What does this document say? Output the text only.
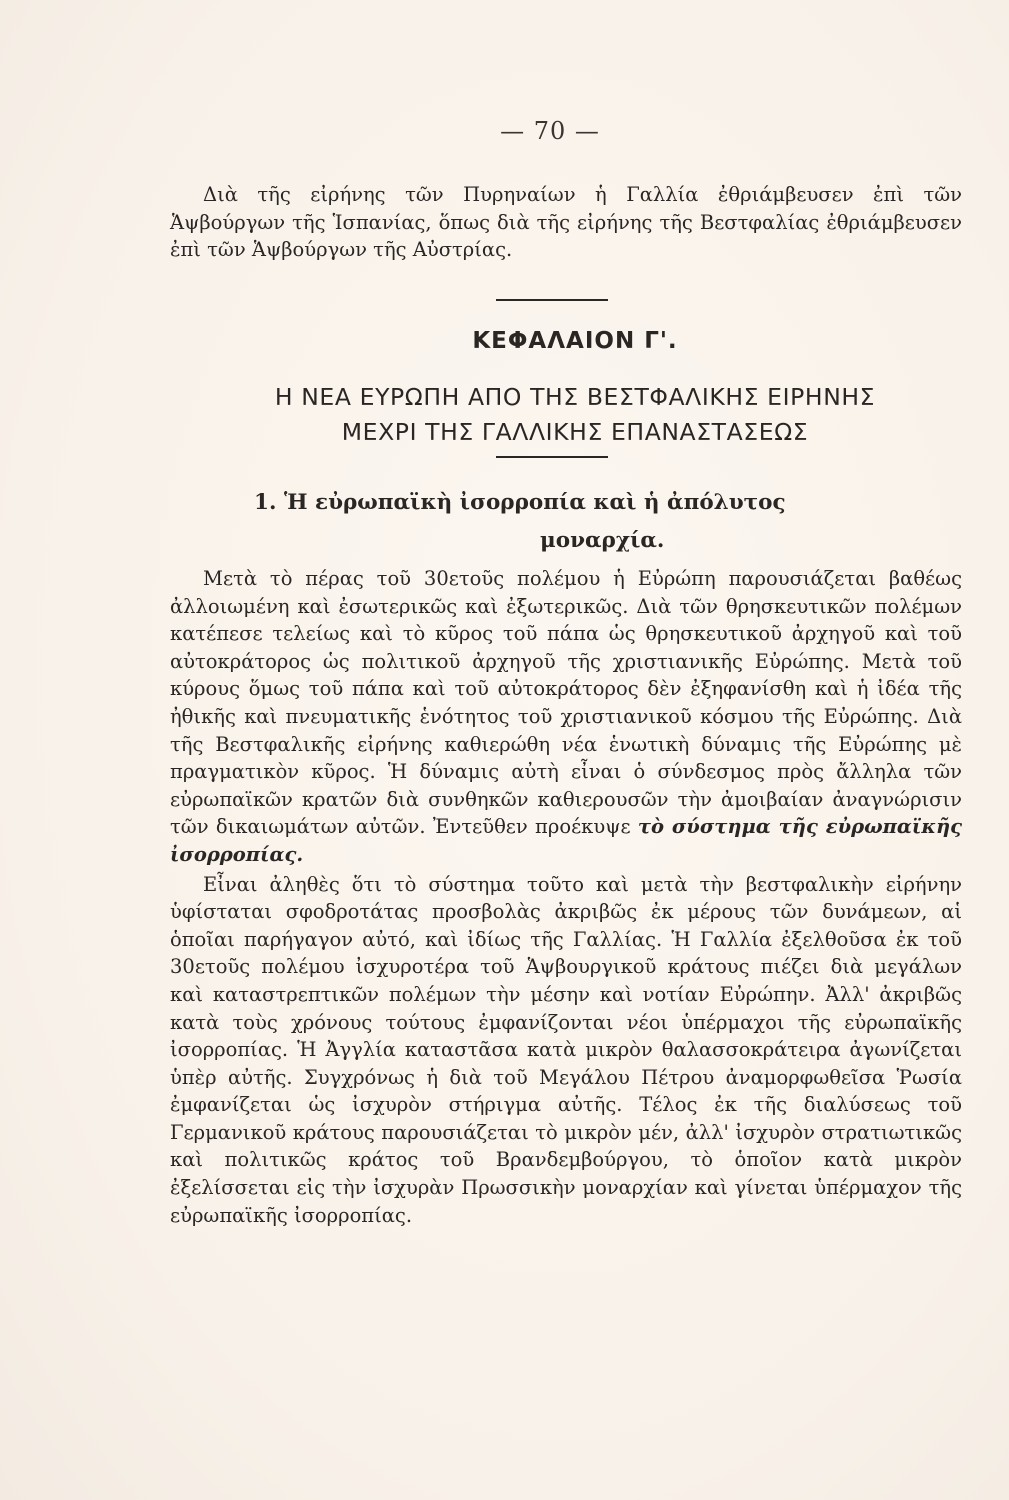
— 70 —
Διὰ τῆς εἰρήνης τῶν Πυρηναίων ἡ Γαλλία ἐθριάμβευσεν ἐπὶ τῶν Ἁψβούργων τῆς Ἱσπανίας, ὅπως διὰ τῆς εἰρήνης τῆς Βεστφαλίας ἐθριάμβευσεν ἐπὶ τῶν Ἁψβούργων τῆς Αὐστρίας.
ΚΕΦΑΛΑΙΟΝ Γ'.
Η ΝΕΑ ΕΥΡΩΠΗ ΑΠΟ ΤΗΣ ΒΕΣΤΦΑΛΙΚΗΣ ΕΙΡΗΝΗΣ
ΜΕΧΡΙ ΤΗΣ ΓΑΛΛΙΚΗΣ ΕΠΑΝΑΣΤΑΣΕΩΣ
1. Ἡ εὐρωπαϊκὴ ἰσορροπία καὶ ἡ ἀπόλυτος
μοναρχία.

Μετὰ τὸ πέρας τοῦ 30ετοῦς πολέμου ἡ Εὐρώπη παρουσιάζεται βαθέως ἀλλοιωμένη καὶ ἐσωτερικῶς καὶ ἐξωτερικῶς. Διὰ τῶν θρησκευτικῶν πολέμων κατέπεσε τελείως καὶ τὸ κῦρος τοῦ πάπα ὡς θρησκευτικοῦ ἀρχηγοῦ καὶ τοῦ αὐτοκράτορος ὡς πολιτικοῦ ἀρχηγοῦ τῆς χριστιανικῆς Εὐρώπης. Μετὰ τοῦ κύρους ὅμως τοῦ πάπα καὶ τοῦ αὐτοκράτορος δὲν ἐξηφανίσθη καὶ ἡ ἰδέα τῆς ἠθικῆς καὶ πνευματικῆς ἑνότητος τοῦ χριστιανικοῦ κόσμου τῆς Εὐρώπης. Διὰ τῆς Βεστφαλικῆς εἰρήνης καθιερώθη νέα ἑνωτικὴ δύναμις τῆς Εὐρώπης μὲ πραγματικὸν κῦρος. Ἡ δύναμις αὐτὴ εἶναι ὁ σύνδεσμος πρὸς ἄλληλα τῶν εὐρωπαϊκῶν κρατῶν διὰ συνθηκῶν καθιερουσῶν τὴν ἀμοιβαίαν ἀναγνώρισιν τῶν δικαιωμάτων αὐτῶν. Ἐντεῦθεν προέκυψε τὸ σύστημα τῆς εὐρωπαϊκῆς ἰσορροπίας.

Εἶναι ἀληθὲς ὅτι τὸ σύστημα τοῦτο καὶ μετὰ τὴν βεστφαλικὴν εἰρήνην ὑφίσταται σφοδροτάτας προσβολὰς ἀκριβῶς ἐκ μέρους τῶν δυνάμεων, αἱ ὁποῖαι παρήγαγον αὐτό, καὶ ἰδίως τῆς Γαλλίας. Ἡ Γαλλία ἐξελθοῦσα ἐκ τοῦ 30ετοῦς πολέμου ἰσχυροτέρα τοῦ Ἁψβουργικοῦ κράτους πιέζει διὰ μεγάλων καὶ καταστρεπτικῶν πολέμων τὴν μέσην καὶ νοτίαν Εὐρώπην. Ἀλλ' ἀκριβῶς κατὰ τοὺς χρόνους τούτους ἐμφανίζονται νέοι ὑπέρμαχοι τῆς εὐρωπαϊκῆς ἰσορροπίας. Ἡ Ἀγγλία καταστᾶσα κατὰ μικρὸν θαλασσοκράτειρα ἀγωνίζεται ὑπὲρ αὐτῆς. Συγχρόνως ἡ διὰ τοῦ Μεγάλου Πέτρου ἀναμορφωθεῖσα Ῥωσία ἐμφανίζεται ὡς ἰσχυρὸν στήριγμα αὐτῆς. Τέλος ἐκ τῆς διαλύσεως τοῦ Γερμανικοῦ κράτους παρουσιάζεται τὸ μικρὸν μέν, ἀλλ' ἰσχυρὸν στρατιωτικῶς καὶ πολιτικῶς κράτος τοῦ Βρανδεμβούργου, τὸ ὁποῖον κατὰ μικρὸν ἐξελίσσεται εἰς τὴν ἰσχυρὰν Πρωσσικὴν μοναρχίαν καὶ γίνεται ὑπέρμαχον τῆς εὐρωπαϊκῆς ἰσορροπίας.
